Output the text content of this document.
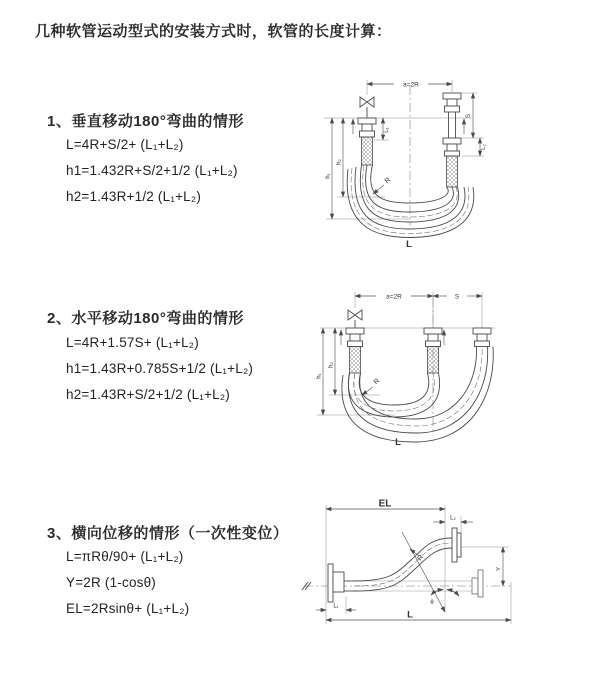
几种软管运动型式的安装方式时，软管的长度计算：
1、垂直移动180°弯曲的情形
L=4R+S/2+ (L₁+L₂)
h1=1.432R+S/2+1/2 (L₁+L₂)
h2=1.43R+1/2 (L₁+L₂)
2、水平移动180°弯曲的情形
L=4R+1.57S+ (L₁+L₂)
h1=1.43R+0.785S+1/2 (L₁+L₂)
h2=1.43R+S/2+1/2 (L₁+L₂)
3、横向位移的情形（一次性变位）
L=πRθ/90+ (L₁+L₂)
Y=2R (1-cosθ)
EL=2Rsinθ+ (L₁+L₂)
a=2R
L₁
h₁
h₂
S
L₂
R
L
a=2R	S
h₁
h₂
R
L
EL
L₂
Y
L₁
L
R
θ
